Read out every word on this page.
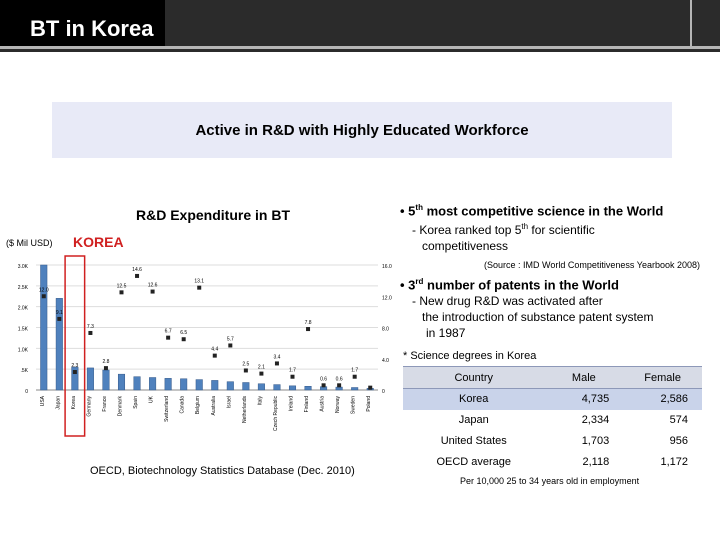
BT in Korea
Active in R&D with Highly Educated Workforce
R&D Expenditure in BT
($ Mil USD) KOREA
3.0K
2.5K
2.0K
1.5K
1.0K
.5K
0
16.0
12.0
8.0
4.0
0
12.0
USA
9.1
Japan
2.3
Korea
7.3
Germany
2.8
France
12.5
Denmark
14.6
Spain
12.6
UK
6.7
Switzerland
6.5
Canada
13.1
Belgium
4.4
Australia
5.7
Israel
2.5
Netherlands
2.1
Italy
3.4
Czech Republic
1.7
Ireland
7.8
Finland
0.6
Austria
0.6
Norway
1.7
Sweden Poland
OECD, Biotechnology Statistics Database (Dec. 2010)
• 5th most competitive science in the World
- Korea ranked top 5th for scientific
competitiveness
(Source : IMD World Competitiveness Yearbook 2008)
• 3rd number of patents in the World
- New drug R&D was activated after
the introduction of substance patent system
in 1987
* Science degrees in Korea
Country	Male	Female
Korea	4,735	2,586
Japan	2,334	574
United States	1,703	956
OECD average	2,118	1,172
Per 10,000 25 to 34 years old in employment
